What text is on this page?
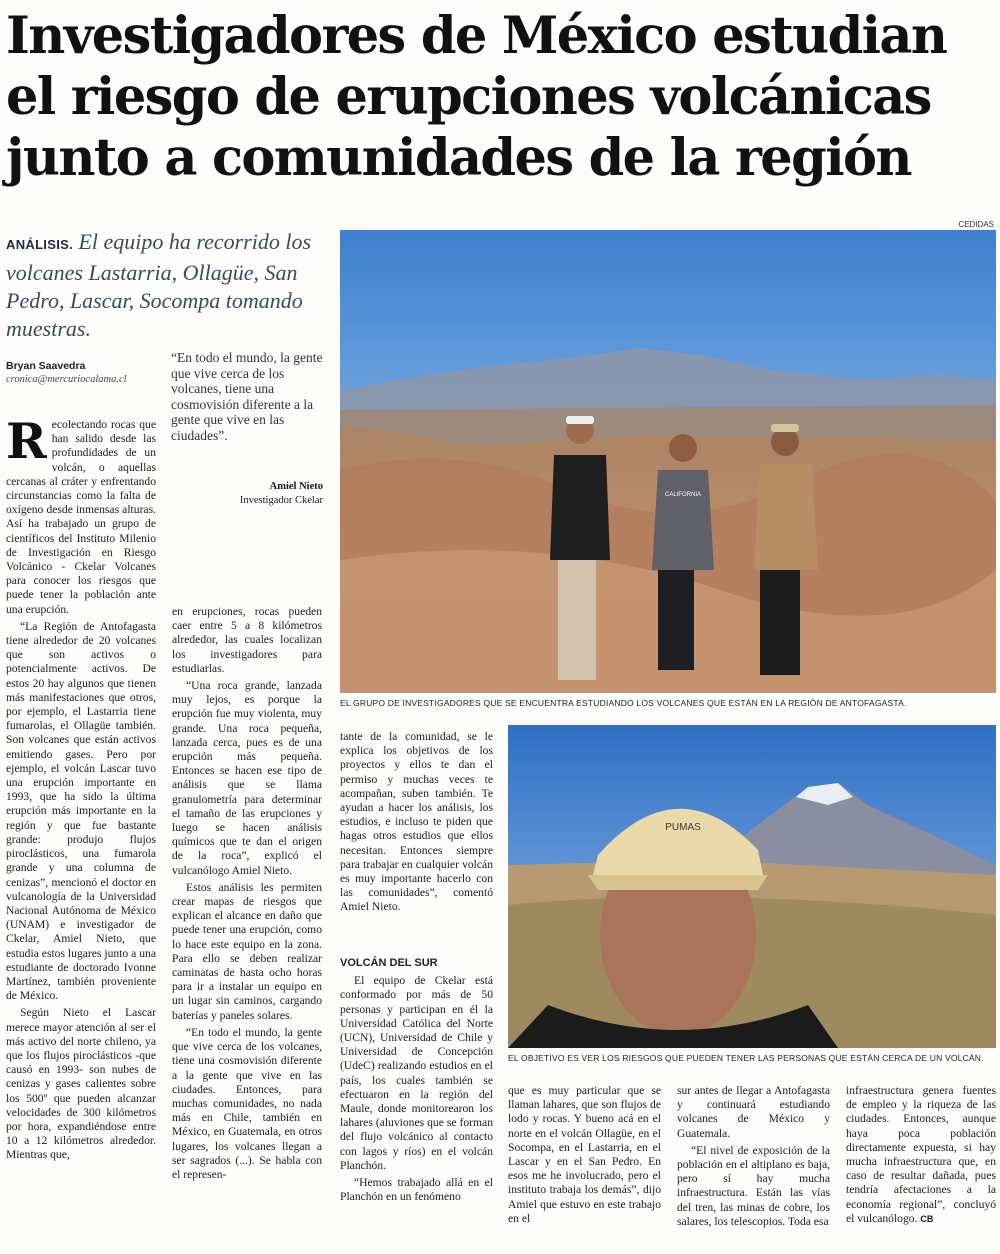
Investigadores de México estudian el riesgo de erupciones volcánicas junto a comunidades de la región
CEDIDAS
ANÁLISIS. El equipo ha recorrido los volcanes Lastarria, Ollagüe, San Pedro, Lascar, Socompa tomando muestras.
Bryan Saavedra
cronica@mercuriocalama.cl
“En todo el mundo, la gente que vive cerca de los volcanes, tiene una cosmovisión diferente a la gente que vive en las ciudades”.
Amiel Nieto
Investigador Ckelar

Recolectando rocas que han salido desde las profundidades de un volcán, o aquellas cercanas al cráter y enfrentando circunstancias como la falta de oxígeno desde inmensas alturas. Así ha trabajado un grupo de científicos del Instituto Milenio de Investigación en Riesgo Volcánico - Ckelar Volcanes para conocer los riesgos que puede tener la población ante una erupción.

“La Región de Antofagasta tiene alrededor de 20 volcanes que son activos o potencialmente activos. De estos 20 hay algunos que tienen más manifestaciones que otros, por ejemplo, el Lastarria tiene fumarolas, el Ollagüe también. Son volcanes que están activos emitiendo gases. Pero por ejemplo, el volcán Lascar tuvo una erupción importante en 1993, que ha sido la última erupción más importante en la región y que fue bastante grande: produjo flujos piroclásticos, una fumarola grande y una columna de cenizas”, mencionó el doctor en vulcanología de la Universidad Nacional Autónoma de México (UNAM) e investigador de Ckelar, Amiel Nieto, que estudia estos lugares junto a una estudiante de doctorado Ivonne Martínez, también proveniente de México.

Según Nieto el Lascar merece mayor atención al ser el más activo del norte chileno, ya que los flujos piroclásticos -que causó en 1993- son nubes de cenizas y gases calientes sobre los 500º que pueden alcanzar velocidades de 300 kilómetros por hora, expandiéndose entre 10 a 12 kilómetros alrededor. Mientras que,

en erupciones, rocas pueden caer entre 5 a 8 kilómetros alrededor, las cuales localizan los investigadores para estudiarlas.

“Una roca grande, lanzada muy lejos, es porque la erupción fue muy violenta, muy grande. Una roca pequeña, lanzada cerca, pues es de una erupción más pequeña. Entonces se hacen ese tipo de análisis que se llama granulometría para determinar el tamaño de las erupciones y luego se hacen análisis químicos que te dan el origen de la roca”, explicó el vulcanólogo Amiel Nieto.

Estos análisis les permiten crear mapas de riesgos que explican el alcance en daño que puede tener una erupción, como lo hace este equipo en la zona. Para ello se deben realizar caminatas de hasta ocho horas para ir a instalar un equipo en un lugar sin caminos, cargando baterías y paneles solares.

“En todo el mundo, la gente que vive cerca de los volcanes, tiene una cosmovisión diferente a la gente que vive en las ciudades. Entonces, para muchas comunidades, no nada más en Chile, también en México, en Guatemala, en otros lugares, los volcanes llegan a ser sagrados (...). Se habla con el represen-

CALIFORNIA
EL GRUPO DE INVESTIGADORES QUE SE ENCUENTRA ESTUDIANDO LOS VOLCANES QUE ESTÁN EN LA REGIÓN DE ANTOFAGASTA.

tante de la comunidad, se le explica los objetivos de los proyectos y ellos te dan el permiso y muchas veces te acompañan, suben también. Te ayudan a hacer los análisis, los estudios, e incluso te piden que hagas otros estudios que ellos necesitan. Entonces siempre para trabajar en cualquier volcán es muy importante hacerlo con las comunidades”, comentó Amiel Nieto.

VOLCÁN DEL SUR

El equipo de Ckelar está conformado por más de 50 personas y participan en él la Universidad Católica del Norte (UCN), Universidad de Chile y Universidad de Concepción (UdeC) realizando estudios en el país, los cuales también se efectuaron en la región del Maule, donde monitorearon los lahares (aluviones que se forman del flujo volcánico al contacto con lagos y ríos) en el volcán Planchón.

“Hemos trabajado allá en el Planchón en un fenómeno

PUMAS
EL OBJETIVO ES VER LOS RIESGOS QUE PUEDEN TENER LAS PERSONAS QUE ESTÁN CERCA DE UN VOLCÁN.

que es muy particular que se llaman lahares, que son flujos de lodo y rocas. Y bueno acá en el norte en el volcán Ollagüe, en el Socompa, en el Lastarria, en el Lascar y en el San Pedro. En esos me he involucrado, pero el instituto trabaja los demás”, dijo Amiel que estuvo en este trabajo en el

sur antes de llegar a Antofagasta y continuará estudiando volcanes de México y Guatemala.

“El nivel de exposición de la población en el altiplano es baja, pero sí hay mucha infraestructura. Están las vías del tren, las minas de cobre, los salares, los telescopios. Toda esa

infraestructura genera fuentes de empleo y la riqueza de las ciudades. Entonces, aunque haya poca población directamente expuesta, si hay mucha infraestructura que, en caso de resultar dañada, pues tendría afectaciones a la economía regional”, concluyó el vulcanólogo. CB
